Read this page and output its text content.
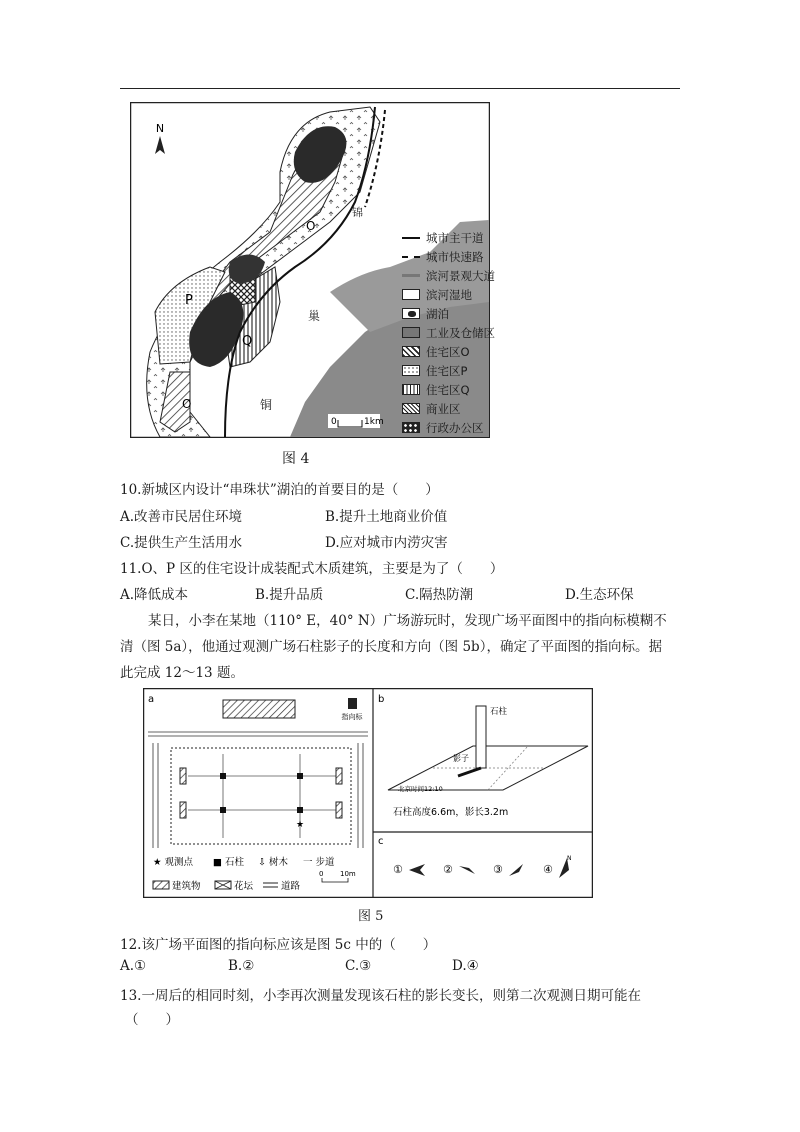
N
P
Q
O
O
锦
巢
铜
0	1km
城市主干道
城市快速路
滨河景观大道
滨河湿地
湖泊
工业及仓储区
住宅区O
住宅区P
住宅区Q
商业区
行政办公区
图 4
10.新城区内设计“串珠状”湖泊的首要目的是（　　）
A.改善市民居住环境	B.提升土地商业价值
C.提供生产生活用水	D.应对城市内涝灾害
11.O、P 区的住宅设计成装配式木质建筑，主要是为了（　　）
A.降低成本	B.提升品质	C.隔热防潮	D.生态环保
某日，小李在某地（110° E，40° N）广场游玩时，发现广场平面图中的指向标模糊不
清（图 5a），他通过观测广场石柱影子的长度和方向（图 5b），确定了平面图的指向标。据
此完成 12～13 题。
a
指向标
★
★ 观测点 ■ 石柱 ⇩ 树木 一 步道
0 10m
建筑物	花坛	道路
b
石柱
影子
北京时间12:10
石柱高度6.6m，影长3.2m
c
①	②	③	④
N
图 5
12.该广场平面图的指向标应该是图 5c 中的（　　）
A.①	B.②	C.③	D.④
13.一周后的相同时刻，小李再次测量发现该石柱的影长变长，则第二次观测日期可能在
（　　）
